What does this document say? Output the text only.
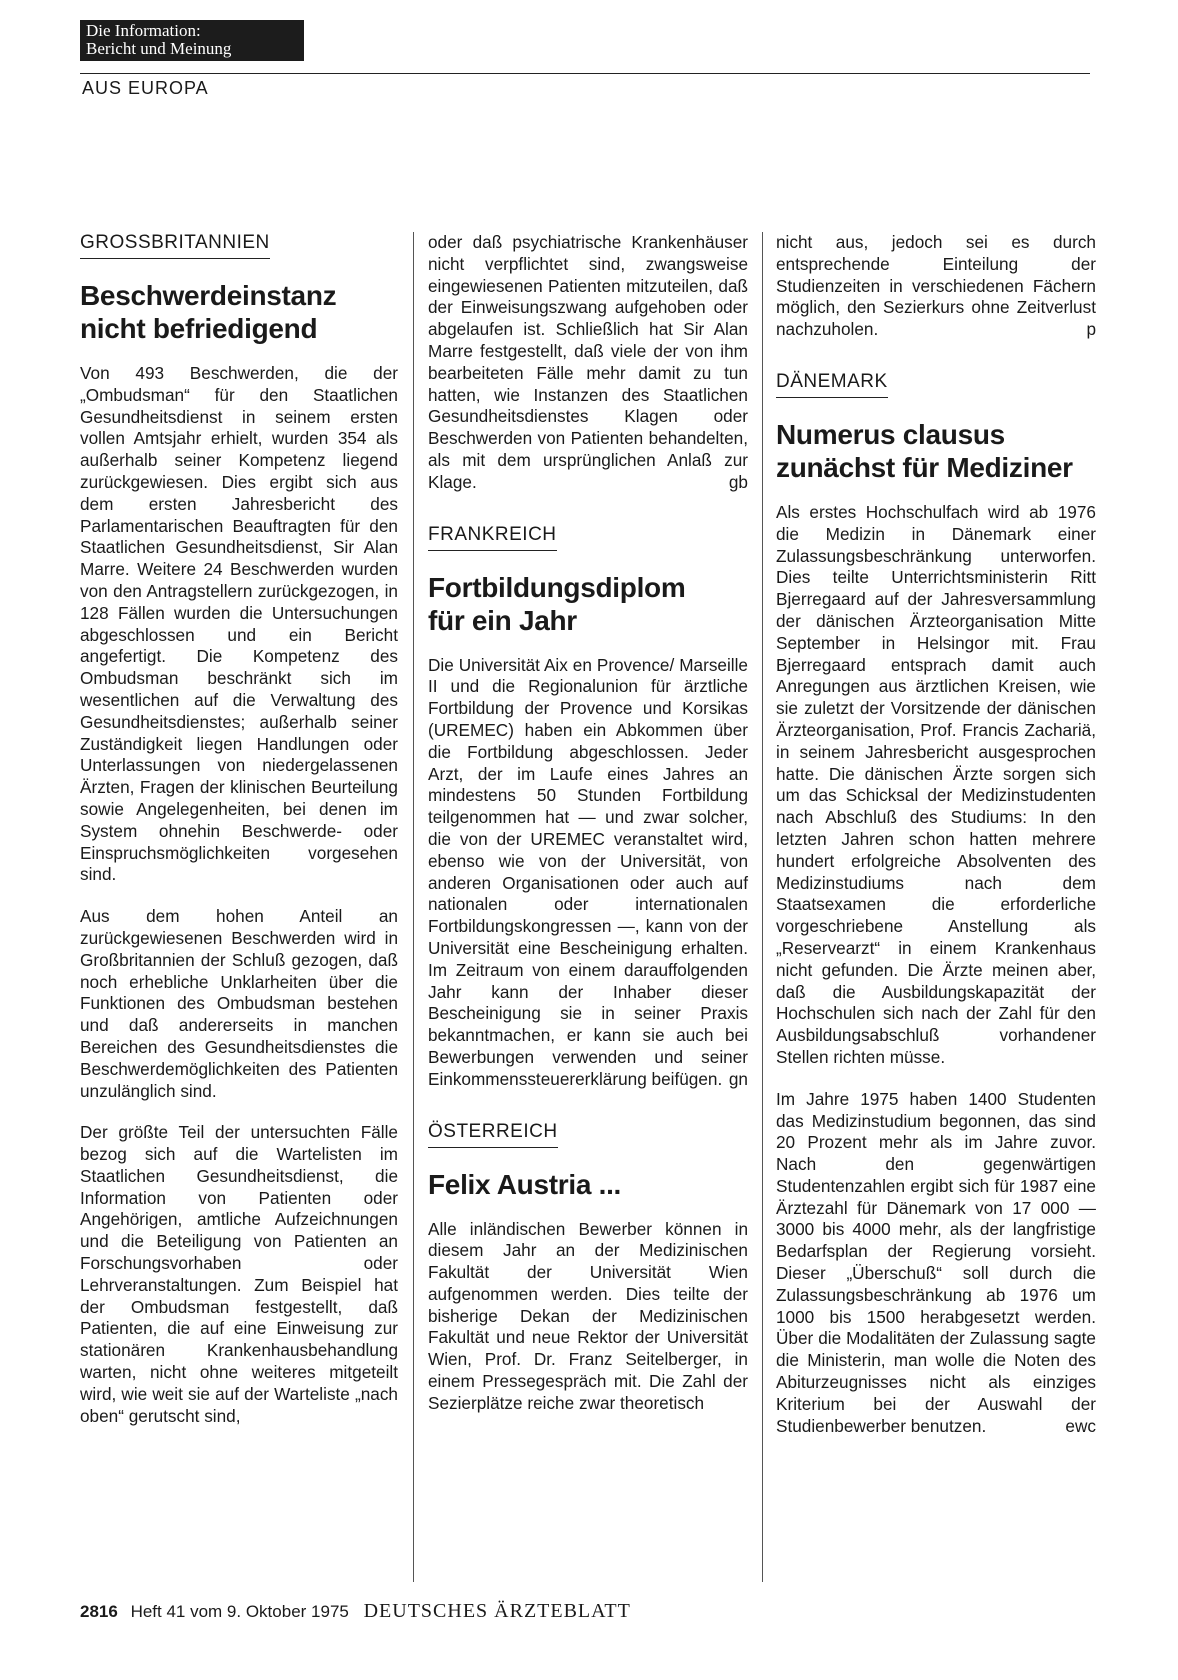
Die Information:
Bericht und Meinung
AUS EUROPA
GROSSBRITANNIEN
Beschwerdeinstanz
nicht befriedigend

Von 493 Beschwerden, die der „Ombudsman“ für den Staatlichen Gesundheitsdienst in seinem ersten vollen Amtsjahr erhielt, wurden 354 als außerhalb seiner Kompetenz liegend zurückgewiesen. Dies ergibt sich aus dem ersten Jahresbericht des Parlamentarischen Beauftragten für den Staatlichen Gesundheitsdienst, Sir Alan Marre. Weitere 24 Beschwerden wurden von den Antragstellern zurückgezogen, in 128 Fällen wurden die Untersuchungen abgeschlossen und ein Bericht angefertigt. Die Kompetenz des Ombudsman beschränkt sich im wesentlichen auf die Verwaltung des Gesundheitsdienstes; außerhalb seiner Zuständigkeit liegen Handlungen oder Unterlassungen von niedergelassenen Ärzten, Fragen der klinischen Beurteilung sowie Angelegenheiten, bei denen im System ohnehin Beschwerde- oder Einspruchsmöglichkeiten vorgesehen sind.

Aus dem hohen Anteil an zurückgewiesenen Beschwerden wird in Großbritannien der Schluß gezogen, daß noch erhebliche Unklarheiten über die Funktionen des Ombudsman bestehen und daß andererseits in manchen Bereichen des Gesundheitsdienstes die Beschwerdemöglichkeiten des Patienten unzulänglich sind.

Der größte Teil der untersuchten Fälle bezog sich auf die Wartelisten im Staatlichen Gesundheitsdienst, die Information von Patienten oder Angehörigen, amtliche Aufzeichnungen und die Beteiligung von Patienten an Forschungsvorhaben oder Lehrveranstaltungen. Zum Beispiel hat der Ombudsman festgestellt, daß Patienten, die auf eine Einweisung zur stationären Krankenhausbehandlung warten, nicht ohne weiteres mitgeteilt wird, wie weit sie auf der Warteliste „nach oben“ gerutscht sind,

oder daß psychiatrische Krankenhäuser nicht verpflichtet sind, zwangsweise eingewiesenen Patienten mitzuteilen, daß der Einweisungszwang aufgehoben oder abgelaufen ist. Schließlich hat Sir Alan Marre festgestellt, daß viele der von ihm bearbeiteten Fälle mehr damit zu tun hatten, wie Instanzen des Staatlichen Gesundheitsdienstes Klagen oder Beschwerden von Patienten behandelten, als mit dem ursprünglichen Anlaß zur Klage.	gb

FRANKREICH
Fortbildungsdiplom
für ein Jahr

Die Universität Aix en Provence/ Marseille II und die Regionalunion für ärztliche Fortbildung der Provence und Korsikas (UREMEC) haben ein Abkommen über die Fortbildung abgeschlossen. Jeder Arzt, der im Laufe eines Jahres an mindestens 50 Stunden Fortbildung teilgenommen hat — und zwar solcher, die von der UREMEC veranstaltet wird, ebenso wie von der Universität, von anderen Organisationen oder auch auf nationalen oder internationalen Fortbildungskongressen —, kann von der Universität eine Bescheinigung erhalten. Im Zeitraum von einem darauffolgenden Jahr kann der Inhaber dieser Bescheinigung sie in seiner Praxis bekanntmachen, er kann sie auch bei Bewerbungen verwenden und seiner Einkommenssteuererklärung beifügen. gn

ÖSTERREICH
Felix Austria ...

Alle inländischen Bewerber können in diesem Jahr an der Medizinischen Fakultät der Universität Wien aufgenommen werden. Dies teilte der bisherige Dekan der Medizinischen Fakultät und neue Rektor der Universität Wien, Prof. Dr. Franz Seitelberger, in einem Pressegespräch mit. Die Zahl der Sezierplätze reiche zwar theoretisch

nicht aus, jedoch sei es durch entsprechende Einteilung der Studienzeiten in verschiedenen Fächern möglich, den Sezierkurs ohne Zeitverlust nachzuholen.	p

DÄNEMARK
Numerus clausus
zunächst für Mediziner

Als erstes Hochschulfach wird ab 1976 die Medizin in Dänemark einer Zulassungsbeschränkung unterworfen. Dies teilte Unterrichtsministerin Ritt Bjerregaard auf der Jahresversammlung der dänischen Ärzteorganisation Mitte September in Helsingor mit. Frau Bjerregaard entsprach damit auch Anregungen aus ärztlichen Kreisen, wie sie zuletzt der Vorsitzende der dänischen Ärzteorganisation, Prof. Francis Zachariä, in seinem Jahresbericht ausgesprochen hatte. Die dänischen Ärzte sorgen sich um das Schicksal der Medizinstudenten nach Abschluß des Studiums: In den letzten Jahren schon hatten mehrere hundert erfolgreiche Absolventen des Medizinstudiums nach dem Staatsexamen die erforderliche vorgeschriebene Anstellung als „Reservearzt“ in einem Krankenhaus nicht gefunden. Die Ärzte meinen aber, daß die Ausbildungskapazität der Hochschulen sich nach der Zahl für den Ausbildungsabschluß vorhandener Stellen richten müsse.

Im Jahre 1975 haben 1400 Studenten das Medizinstudium begonnen, das sind 20 Prozent mehr als im Jahre zuvor. Nach den gegenwärtigen Studentenzahlen ergibt sich für 1987 eine Ärztezahl für Dänemark von 17 000 — 3000 bis 4000 mehr, als der langfristige Bedarfsplan der Regierung vorsieht. Dieser „Überschuß“ soll durch die Zulassungsbeschränkung ab 1976 um 1000 bis 1500 herabgesetzt werden. Über die Modalitäten der Zulassung sagte die Ministerin, man wolle die Noten des Abiturzeugnisses nicht als einziges Kriterium bei der Auswahl der Studienbewerber benutzen.	ewc

2816 Heft 41 vom 9. Oktober 1975 DEUTSCHES ÄRZTEBLATT
